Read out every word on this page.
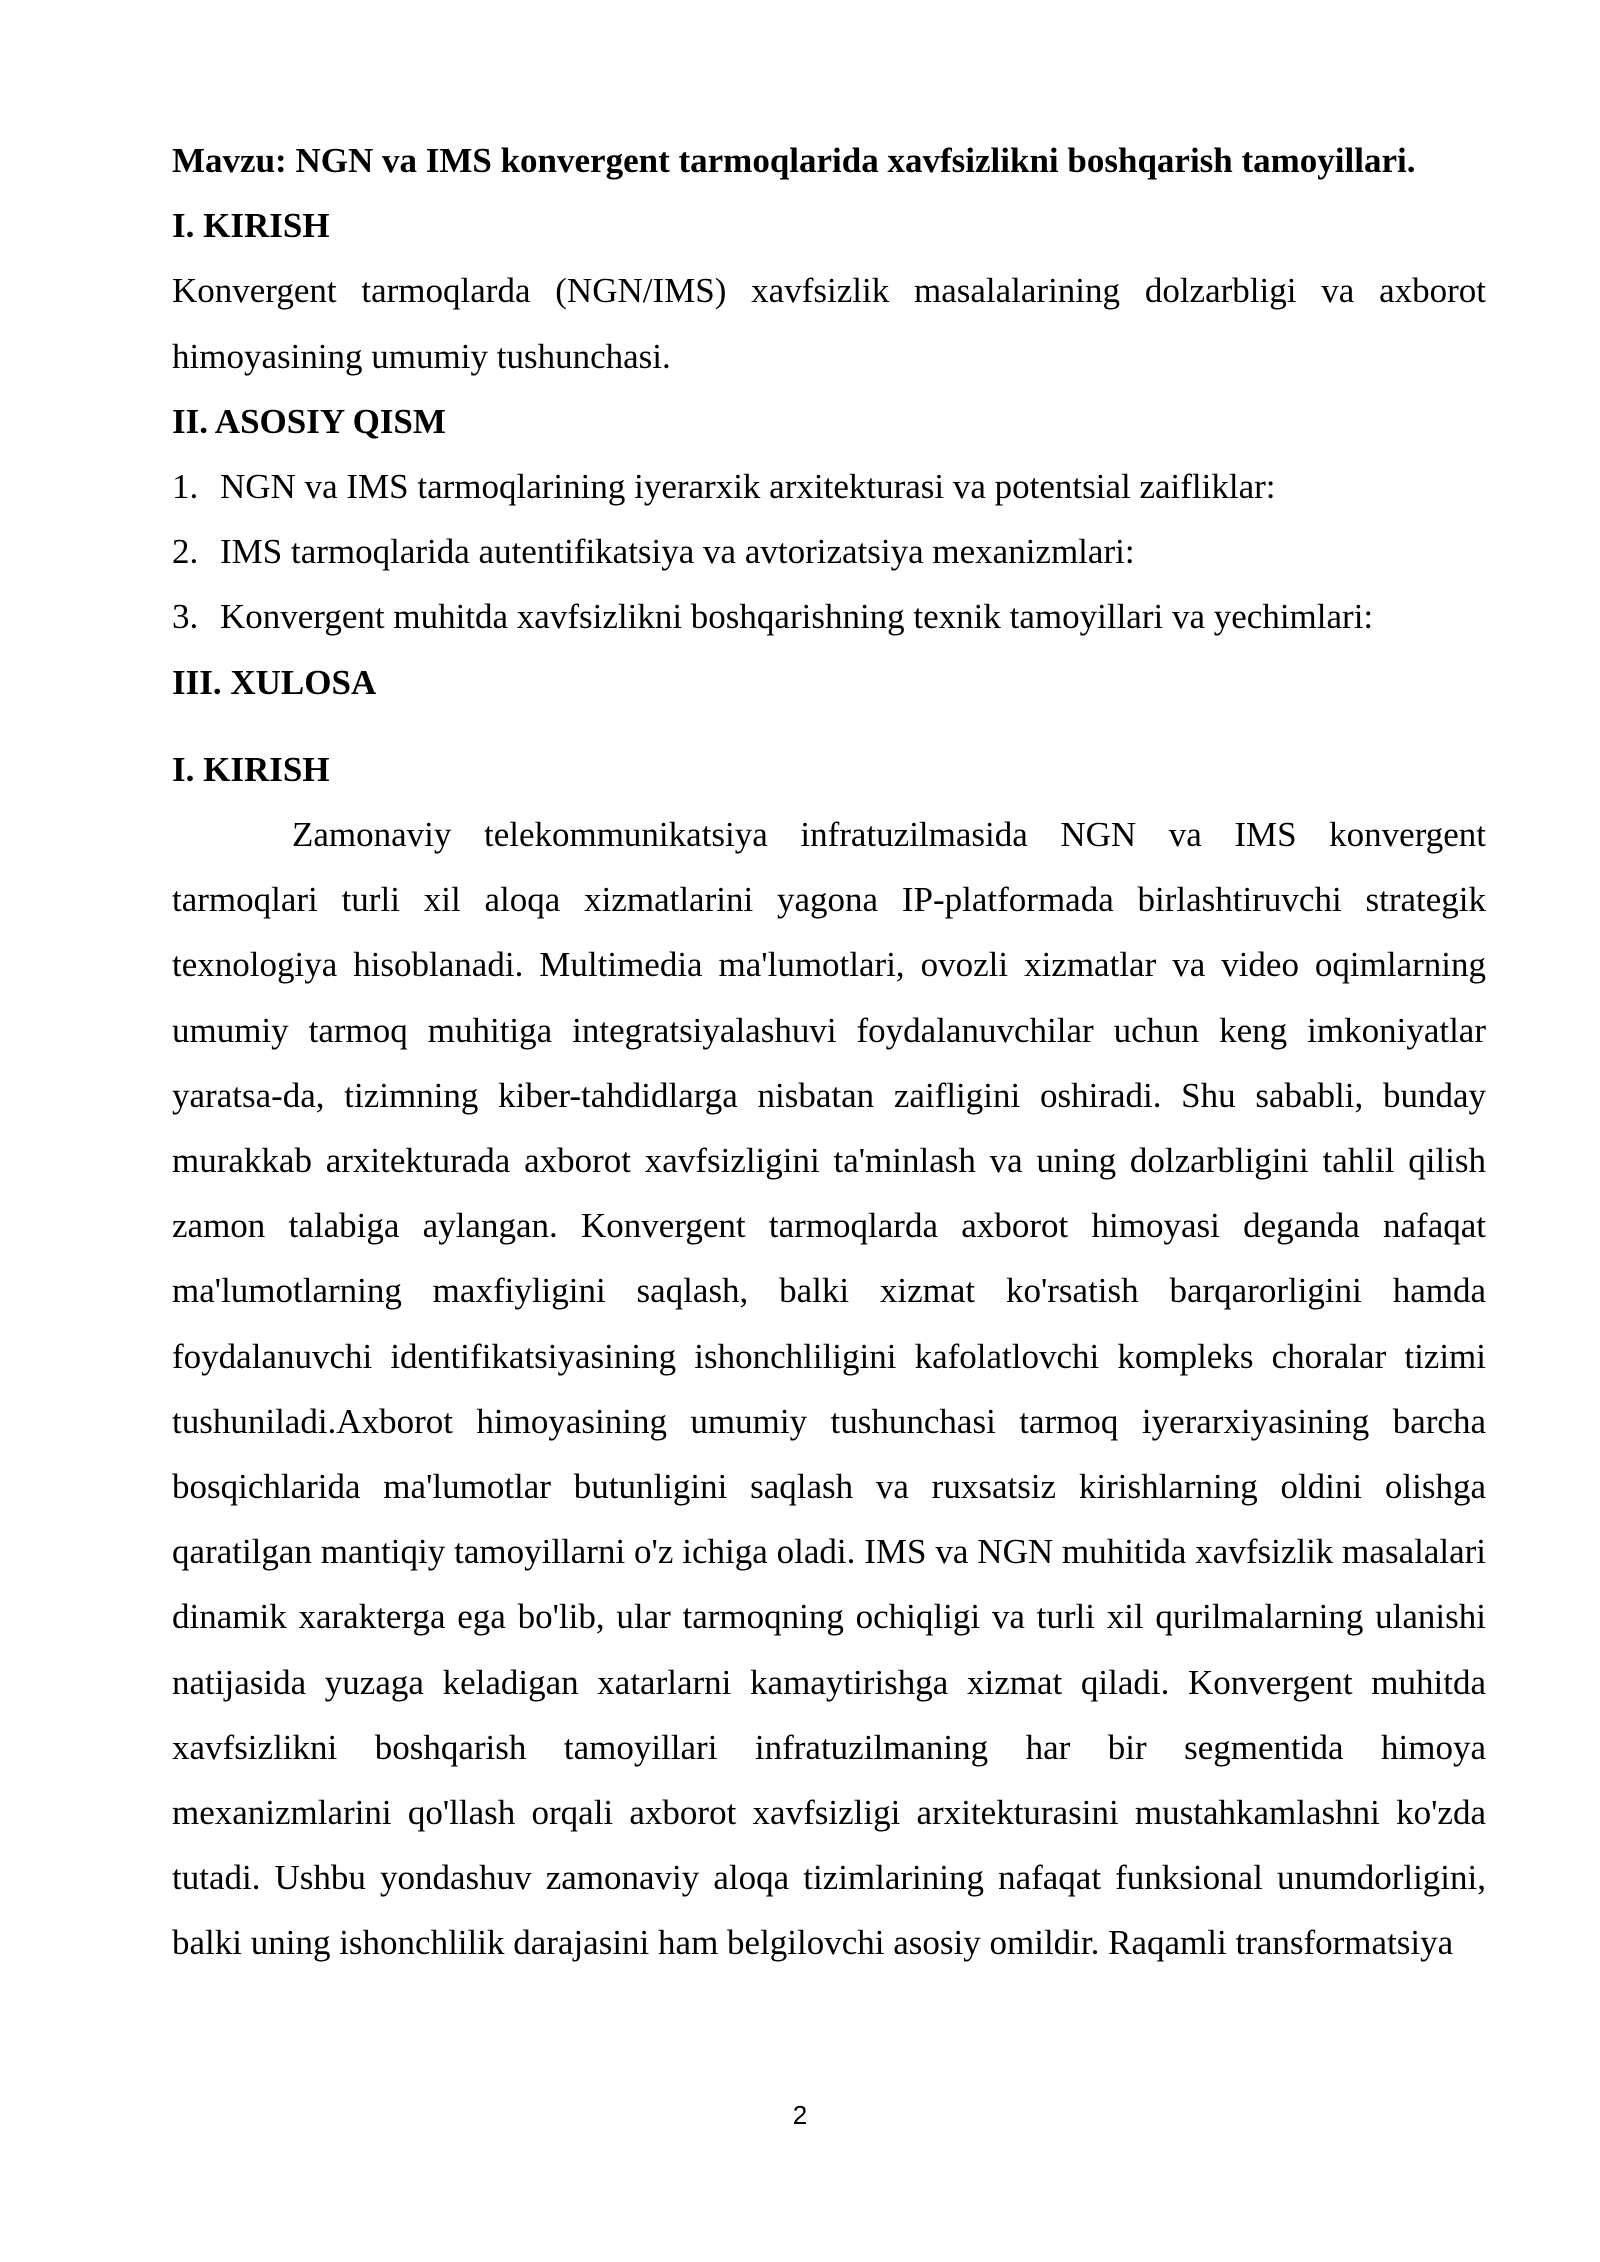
Mavzu: NGN va IMS konvergent tarmoqlarida xavfsizlikni boshqarish tamoyillari.

I. KIRISH

Konvergent tarmoqlarda (NGN/IMS) xavfsizlik masalalarining dolzarbligi va axborot himoyasining umumiy tushunchasi.

II. ASOSIY QISM

1. NGN va IMS tarmoqlarining iyerarxik arxitekturasi va potentsial zaifliklar:
2. IMS tarmoqlarida autentifikatsiya va avtorizatsiya mexanizmlari:
3. Konvergent muhitda xavfsizlikni boshqarishning texnik tamoyillari va yechimlari:

III. XULOSA

I. KIRISH

Zamonaviy telekommunikatsiya infratuzilmasida NGN va IMS konvergent tarmoqlari turli xil aloqa xizmatlarini yagona IP-platformada birlashtiruvchi strategik texnologiya hisoblanadi. Multimedia ma'lumotlari, ovozli xizmatlar va video oqimlarning umumiy tarmoq muhitiga integratsiyalashuvi foydalanuvchilar uchun keng imkoniyatlar yaratsa-da, tizimning kiber-tahdidlarga nisbatan zaifligini oshiradi. Shu sababli, bunday murakkab arxitekturada axborot xavfsizligini ta'minlash va uning dolzarbligini tahlil qilish zamon talabiga aylangan. Konvergent tarmoqlarda axborot himoyasi deganda nafaqat ma'lumotlarning maxfiyligini saqlash, balki xizmat ko'rsatish barqarorligini hamda foydalanuvchi identifikatsiyasining ishonchliligini kafolatlovchi kompleks choralar tizimi tushuniladi.Axborot himoyasining umumiy tushunchasi tarmoq iyerarxiyasining barcha bosqichlarida ma'lumotlar butunligini saqlash va ruxsatsiz kirishlarning oldini olishga qaratilgan mantiqiy tamoyillarni o'z ichiga oladi. IMS va NGN muhitida xavfsizlik masalalari dinamik xarakterga ega bo'lib, ular tarmoqning ochiqligi va turli xil qurilmalarning ulanishi natijasida yuzaga keladigan xatarlarni kamaytirishga xizmat qiladi. Konvergent muhitda xavfsizlikni boshqarish tamoyillari infratuzilmaning har bir segmentida himoya mexanizmlarini qo'llash orqali axborot xavfsizligi arxitekturasini mustahkamlashni ko'zda tutadi. Ushbu yondashuv zamonaviy aloqa tizimlarining nafaqat funksional unumdorligini, balki uning ishonchlilik darajasini ham belgilovchi asosiy omildir. Raqamli transformatsiya

2
